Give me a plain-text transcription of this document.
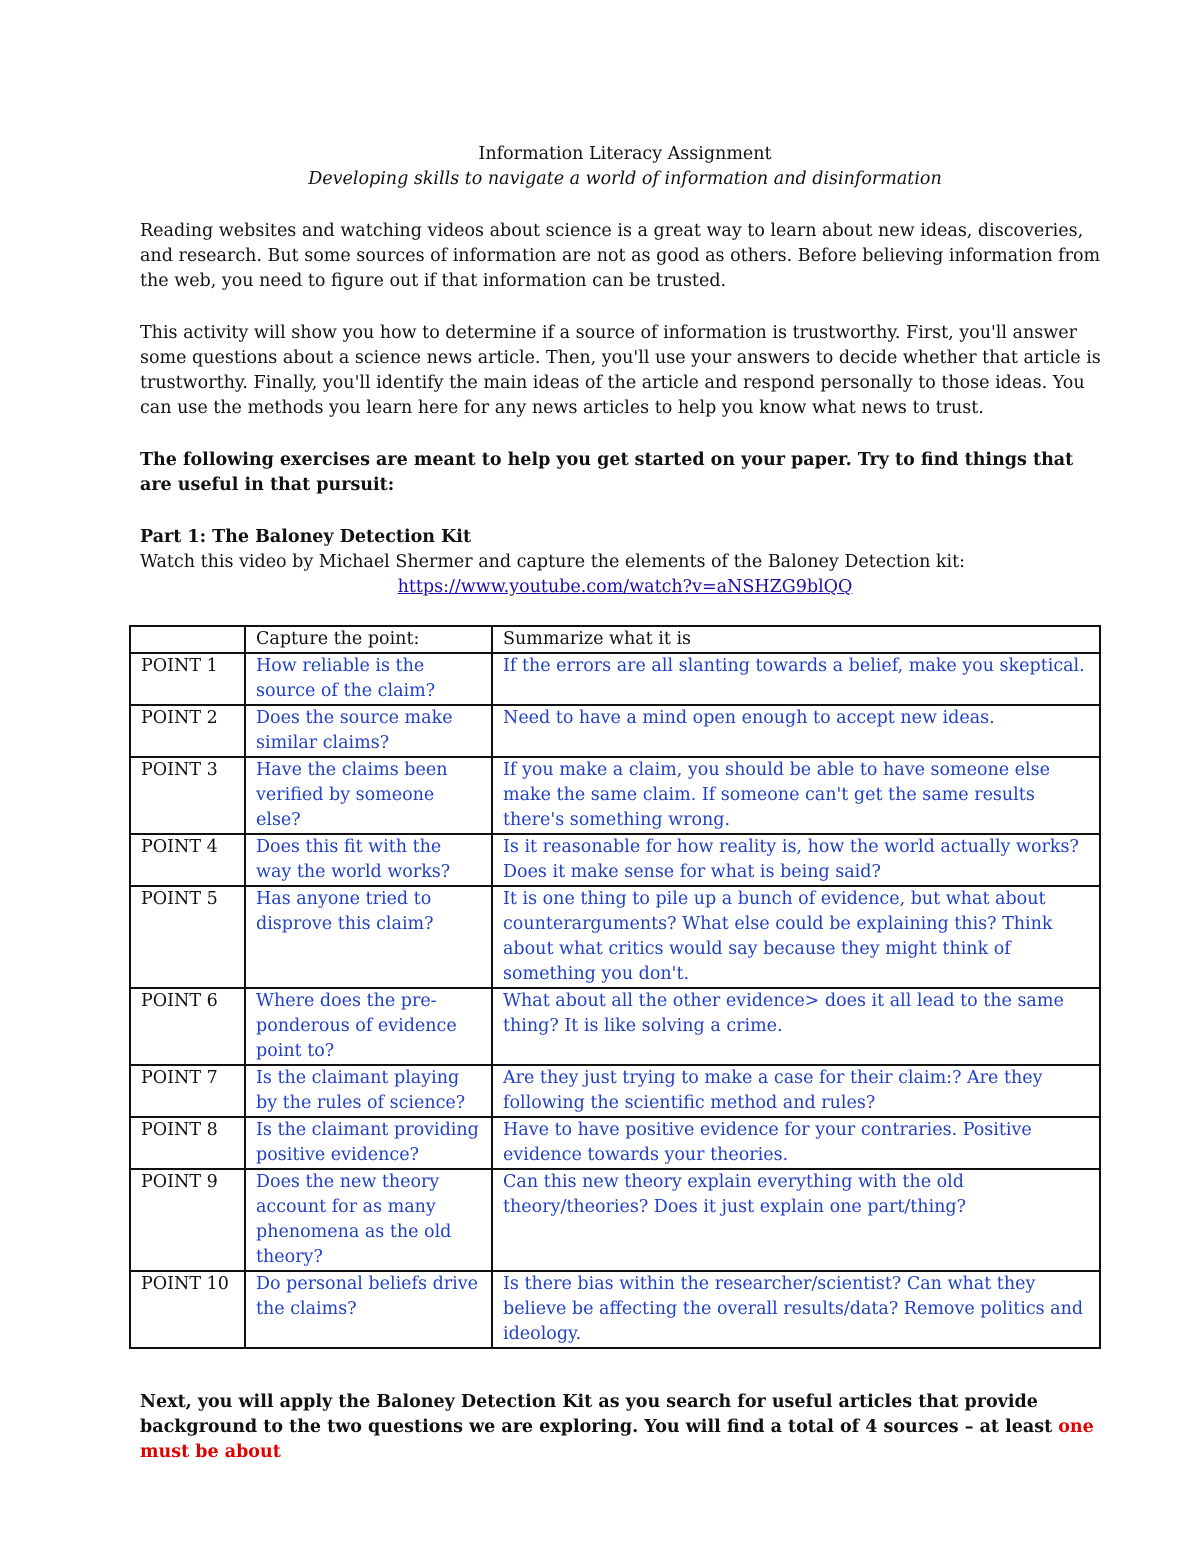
Information Literacy Assignment

Developing skills to navigate a world of information and disinformation

Reading websites and watching videos about science is a great way to learn about new ideas, discoveries, and research. But some sources of information are not as good as others. Before believing information from the web, you need to figure out if that information can be trusted.

This activity will show you how to determine if a source of information is trustworthy. First, you'll answer some questions about a science news article. Then, you'll use your answers to decide whether that article is trustworthy. Finally, you'll identify the main ideas of the article and respond personally to those ideas. You can use the methods you learn here for any news articles to help you know what news to trust.

The following exercises are meant to help you get started on your paper. Try to find things that are useful in that pursuit:

Part 1: The Baloney Detection Kit

Watch this video by Michael Shermer and capture the elements of the Baloney Detection kit:

https://www.youtube.com/watch?v=aNSHZG9blQQ

	Capture the point:	Summarize what it is
POINT 1	How reliable is the source of the claim?	If the errors are all slanting towards a belief, make you skeptical.
POINT 2	Does the source make similar claims?	Need to have a mind open enough to accept new ideas.
POINT 3	Have the claims been verified by someone else?	If you make a claim, you should be able to have someone else make the same claim. If someone can't get the same results there's something wrong.
POINT 4	Does this fit with the way the world works?	Is it reasonable for how reality is, how the world actually works? Does it make sense for what is being said?
POINT 5	Has anyone tried to disprove this claim?	It is one thing to pile up a bunch of evidence, but what about counterarguments? What else could be explaining this? Think about what critics would say because they might think of something you don't.
POINT 6	Where does the pre-ponderous of evidence point to?	What about all the other evidence> does it all lead to the same thing? It is like solving a crime.
POINT 7	Is the claimant playing by the rules of science?	Are they just trying to make a case for their claim:? Are they following the scientific method and rules?
POINT 8	Is the claimant providing positive evidence?	Have to have positive evidence for your contraries. Positive evidence towards your theories.
POINT 9	Does the new theory account for as many phenomena as the old theory?	Can this new theory explain everything with the old theory/theories? Does it just explain one part/thing?
POINT 10	Do personal beliefs drive the claims?	Is there bias within the researcher/scientist? Can what they believe be affecting the overall results/data? Remove politics and ideology.
Next, you will apply the Baloney Detection Kit as you search for useful articles that provide background to the two questions we are exploring. You will find a total of 4 sources – at least one must be about
